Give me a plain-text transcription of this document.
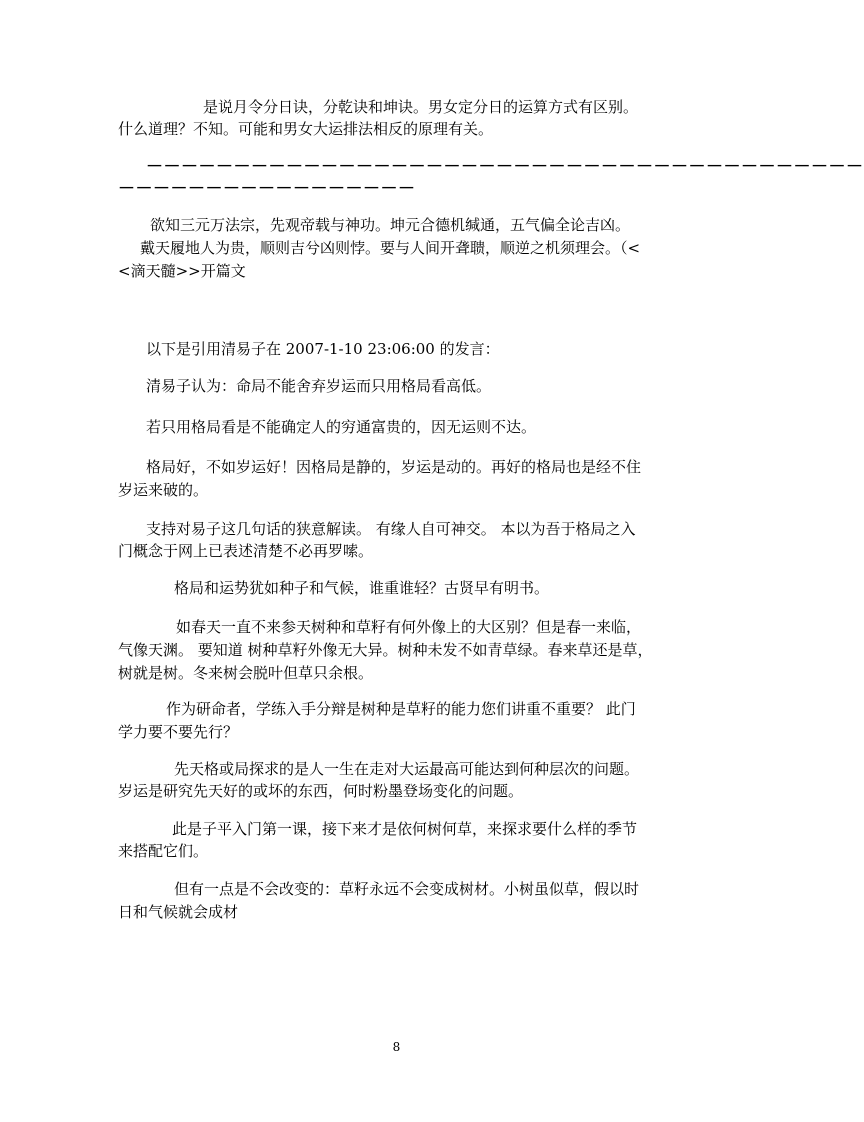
是说月令分日诀，分乾诀和坤诀。男女定分日的运算方式有区别。
什么道理？不知。可能和男女大运排法相反的原理有关。
－－－－－－－－－－－－－－－－－－－－－－－－－－－－－－－－－－－－－－－－－
－－－－－－－－－－－－－－－－－
欲知三元万法宗，先观帝载与神功。坤元合德机缄通，五气偏全论吉凶。
戴天履地人为贵，顺则吉兮凶则悖。要与人间开聋聩，顺逆之机须理会。（<
<滴天髓>>开篇文
以下是引用清易子在 2007-1-10 23:06:00 的发言：
清易子认为：命局不能舍弃岁运而只用格局看高低。
若只用格局看是不能确定人的穷通富贵的，因无运则不达。
格局好，不如岁运好！因格局是静的，岁运是动的。再好的格局也是经不住
岁运来破的。
支持对易子这几句话的狭意解读。 有缘人自可神交。 本以为吾于格局之入
门概念于网上已表述清楚不必再罗嗦。
格局和运势犹如种子和气候，谁重谁轻？古贤早有明书。
如春天一直不来参天树种和草籽有何外像上的大区别？但是春一来临，
气像天渊。 要知道 树种草籽外像无大异。树种未发不如青草绿。春来草还是草，
树就是树。冬来树会脱叶但草只余根。
作为研命者，学练入手分辩是树种是草籽的能力您们讲重不重要？ 此门
学力要不要先行？
先天格或局探求的是人一生在走对大运最高可能达到何种层次的问题。
岁运是研究先天好的或坏的东西，何时粉墨登场变化的问题。
此是子平入门第一课，接下来才是依何树何草，来探求要什么样的季节
来搭配它们。
但有一点是不会改变的：草籽永远不会变成树材。小树虽似草，假以时
日和气候就会成材
8
